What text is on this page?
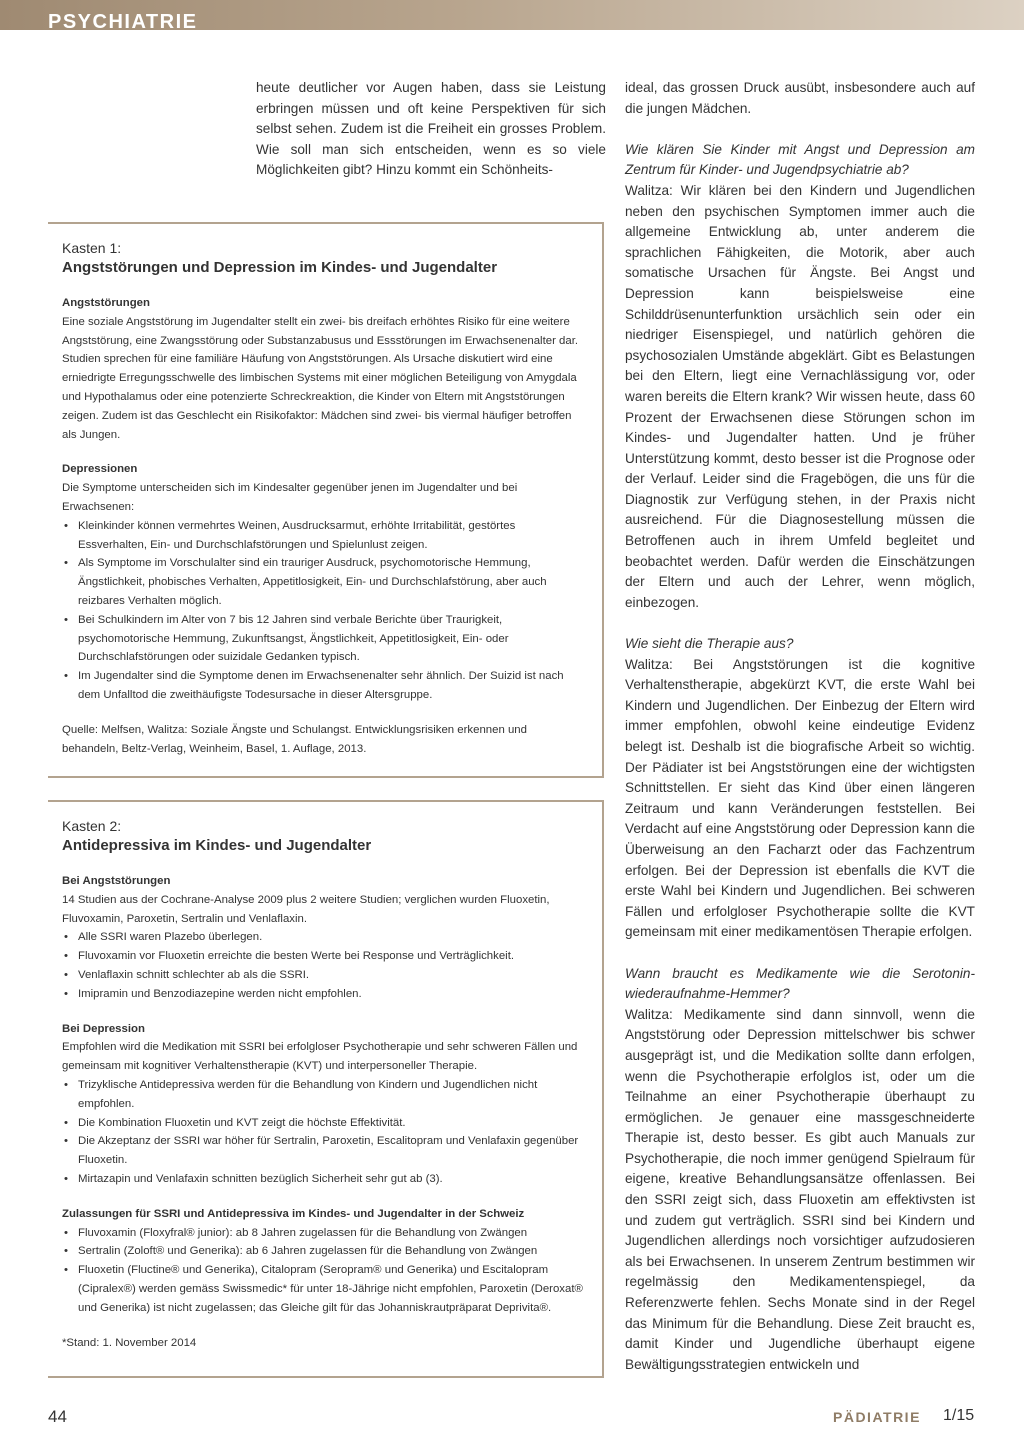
PSYCHIATRIE
heute deutlicher vor Augen haben, dass sie Leistung erbringen müssen und oft keine Perspektiven für sich selbst sehen. Zudem ist die Freiheit ein grosses Problem. Wie soll man sich entscheiden, wenn es so viele Möglichkeiten gibt? Hinzu kommt ein Schönheits-
Kasten 1:
Angststörungen und Depression im Kindes- und Jugendalter
Angststörungen

Eine soziale Angststörung im Jugendalter stellt ein zwei- bis dreifach erhöhtes Risiko für eine weitere Angststörung, eine Zwangsstörung oder Substanzabusus und Essstörungen im Erwachsenenalter dar. Studien sprechen für eine familiäre Häufung von Angststörungen. Als Ursache diskutiert wird eine erniedrigte Erregungsschwelle des limbischen Systems mit einer möglichen Beteiligung von Amygdala und Hypothalamus oder eine potenzierte Schreckreaktion, die Kinder von Eltern mit Angststörungen zeigen. Zudem ist das Geschlecht ein Risikofaktor: Mädchen sind zwei- bis viermal häufiger betroffen als Jungen.

Depressionen

Die Symptome unterscheiden sich im Kindesalter gegenüber jenen im Jugendalter und bei Erwachsenen:

• Kleinkinder können vermehrtes Weinen, Ausdrucksarmut, erhöhte Irritabilität, gestörtes Essverhalten, Ein- und Durchschlafstörungen und Spielunlust zeigen.
• Als Symptome im Vorschulalter sind ein trauriger Ausdruck, psychomotorische Hemmung, Ängstlichkeit, phobisches Verhalten, Appetitlosigkeit, Ein- und Durchschlafstörung, aber auch reizbares Verhalten möglich.
• Bei Schulkindern im Alter von 7 bis 12 Jahren sind verbale Berichte über Traurigkeit, psychomotorische Hemmung, Zukunftsangst, Ängstlichkeit, Appetitlosigkeit, Ein- oder Durchschlafstörungen oder suizidale Gedanken typisch.
• Im Jugendalter sind die Symptome denen im Erwachsenenalter sehr ähnlich. Der Suizid ist nach dem Unfalltod die zweithäufigste Todesursache in dieser Altersgruppe.

Quelle: Melfsen, Walitza: Soziale Ängste und Schulangst. Entwicklungsrisiken erkennen und behandeln, Beltz-Verlag, Weinheim, Basel, 1. Auflage, 2013.

Kasten 2:
Antidepressiva im Kindes- und Jugendalter
Bei Angststörungen

14 Studien aus der Cochrane-Analyse 2009 plus 2 weitere Studien; verglichen wurden Fluoxetin, Fluvoxamin, Paroxetin, Sertralin und Venlaflaxin.

• Alle SSRI waren Plazebo überlegen.
• Fluvoxamin vor Fluoxetin erreichte die besten Werte bei Response und Verträglichkeit.
• Venlaflaxin schnitt schlechter ab als die SSRI.
• Imipramin und Benzodiazepine werden nicht empfohlen.
Bei Depression

Empfohlen wird die Medikation mit SSRI bei erfolgloser Psychotherapie und sehr schweren Fällen und gemeinsam mit kognitiver Verhaltenstherapie (KVT) und interpersoneller Therapie.

• Trizyklische Antidepressiva werden für die Behandlung von Kindern und Jugendlichen nicht empfohlen.
• Die Kombination Fluoxetin und KVT zeigt die höchste Effektivität.
• Die Akzeptanz der SSRI war höher für Sertralin, Paroxetin, Escalitopram und Venlafaxin gegenüber Fluoxetin.
• Mirtazapin und Venlafaxin schnitten bezüglich Sicherheit sehr gut ab (3).
Zulassungen für SSRI und Antidepressiva im Kindes- und Jugendalter in der Schweiz
• Fluvoxamin (Floxyfral® junior): ab 8 Jahren zugelassen für die Behandlung von Zwängen
• Sertralin (Zoloft® und Generika): ab 6 Jahren zugelassen für die Behandlung von Zwängen
• Fluoxetin (Fluctine® und Generika), Citalopram (Seropram® und Generika) und Escitalopram (Cipralex®) werden gemäss Swissmedic* für unter 18-Jährige nicht empfohlen, Paroxetin (Deroxat® und Generika) ist nicht zugelassen; das Gleiche gilt für das Johanniskrautpräparat Deprivita®.

*Stand: 1. November 2014

ideal, das grossen Druck ausübt, insbesondere auch auf die jungen Mädchen.

Wie klären Sie Kinder mit Angst und Depression am Zentrum für Kinder- und Jugendpsychiatrie ab?

Walitza: Wir klären bei den Kindern und Jugendlichen neben den psychischen Symptomen immer auch die allgemeine Entwicklung ab, unter anderem die sprachlichen Fähigkeiten, die Motorik, aber auch somatische Ursachen für Ängste. Bei Angst und Depression kann beispielsweise eine Schilddrüsenunterfunktion ursächlich sein oder ein niedriger Eisenspiegel, und natürlich gehören die psychosozialen Umstände abgeklärt. Gibt es Belastungen bei den Eltern, liegt eine Vernachlässigung vor, oder waren bereits die Eltern krank? Wir wissen heute, dass 60 Prozent der Erwachsenen diese Störungen schon im Kindes- und Jugendalter hatten. Und je früher Unterstützung kommt, desto besser ist die Prognose oder der Verlauf. Leider sind die Fragebögen, die uns für die Diagnostik zur Verfügung stehen, in der Praxis nicht ausreichend. Für die Diagnosestellung müssen die Betroffenen auch in ihrem Umfeld begleitet und beobachtet werden. Dafür werden die Einschätzungen der Eltern und auch der Lehrer, wenn möglich, einbezogen.

Wie sieht die Therapie aus?

Walitza: Bei Angststörungen ist die kognitive Verhaltenstherapie, abgekürzt KVT, die erste Wahl bei Kindern und Jugendlichen. Der Einbezug der Eltern wird immer empfohlen, obwohl keine eindeutige Evidenz belegt ist. Deshalb ist die biografische Arbeit so wichtig. Der Pädiater ist bei Angststörungen eine der wichtigsten Schnittstellen. Er sieht das Kind über einen längeren Zeitraum und kann Veränderungen feststellen. Bei Verdacht auf eine Angststörung oder Depression kann die Überweisung an den Facharzt oder das Fachzentrum erfolgen. Bei der Depression ist ebenfalls die KVT die erste Wahl bei Kindern und Jugendlichen. Bei schweren Fällen und erfolgloser Psychotherapie sollte die KVT gemeinsam mit einer medikamentösen Therapie erfolgen.

Wann braucht es Medikamente wie die Serotonin-wiederaufnahme-Hemmer?

Walitza: Medikamente sind dann sinnvoll, wenn die Angststörung oder Depression mittelschwer bis schwer ausgeprägt ist, und die Medikation sollte dann erfolgen, wenn die Psychotherapie erfolglos ist, oder um die Teilnahme an einer Psychotherapie überhaupt zu ermöglichen. Je genauer eine massgeschneiderte Therapie ist, desto besser. Es gibt auch Manuals zur Psychotherapie, die noch immer genügend Spielraum für eigene, kreative Behandlungsansätze offenlassen. Bei den SSRI zeigt sich, dass Fluoxetin am effektivsten ist und zudem gut verträglich. SSRI sind bei Kindern und Jugendlichen allerdings noch vorsichtiger aufzudosieren als bei Erwachsenen. In unserem Zentrum bestimmen wir regelmässig den Medikamentenspiegel, da Referenzwerte fehlen. Sechs Monate sind in der Regel das Minimum für die Behandlung. Diese Zeit braucht es, damit Kinder und Jugendliche überhaupt eigene Bewältigungsstrategien entwickeln und

44	PÄDIATRIE 1/15
